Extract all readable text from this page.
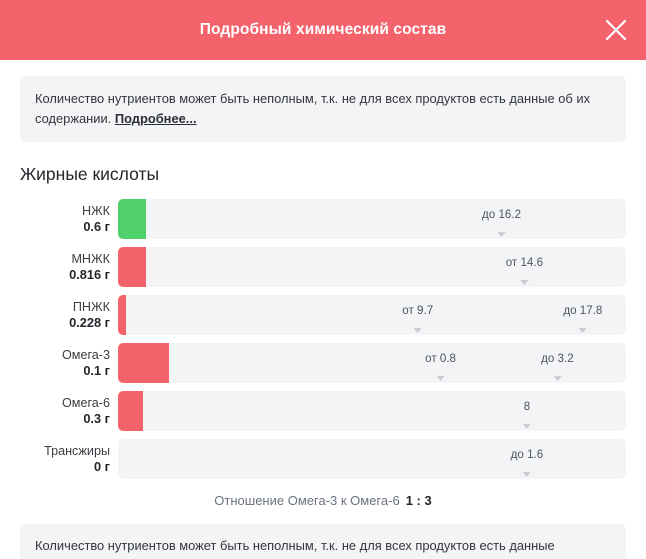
Подробный химический состав
Количество нутриентов может быть неполным, т.к. не для всех продуктов есть данные об их содержании. Подробнее...
Жирные кислоты
НЖК
0.6 г
до 16.2
МНЖК
0.816 г
от 14.6
ПНЖК
0.228 г
от 9.7	до 17.8
Омега-3
0.1 г
от 0.8	до 3.2
Омега-6
0.3 г
8
Трансжиры
0 г
до 1.6
Отношение Омега-3 к Омега-6 1 : 3
Количество нутриентов может быть неполным, т.к. не для всех продуктов есть данные
